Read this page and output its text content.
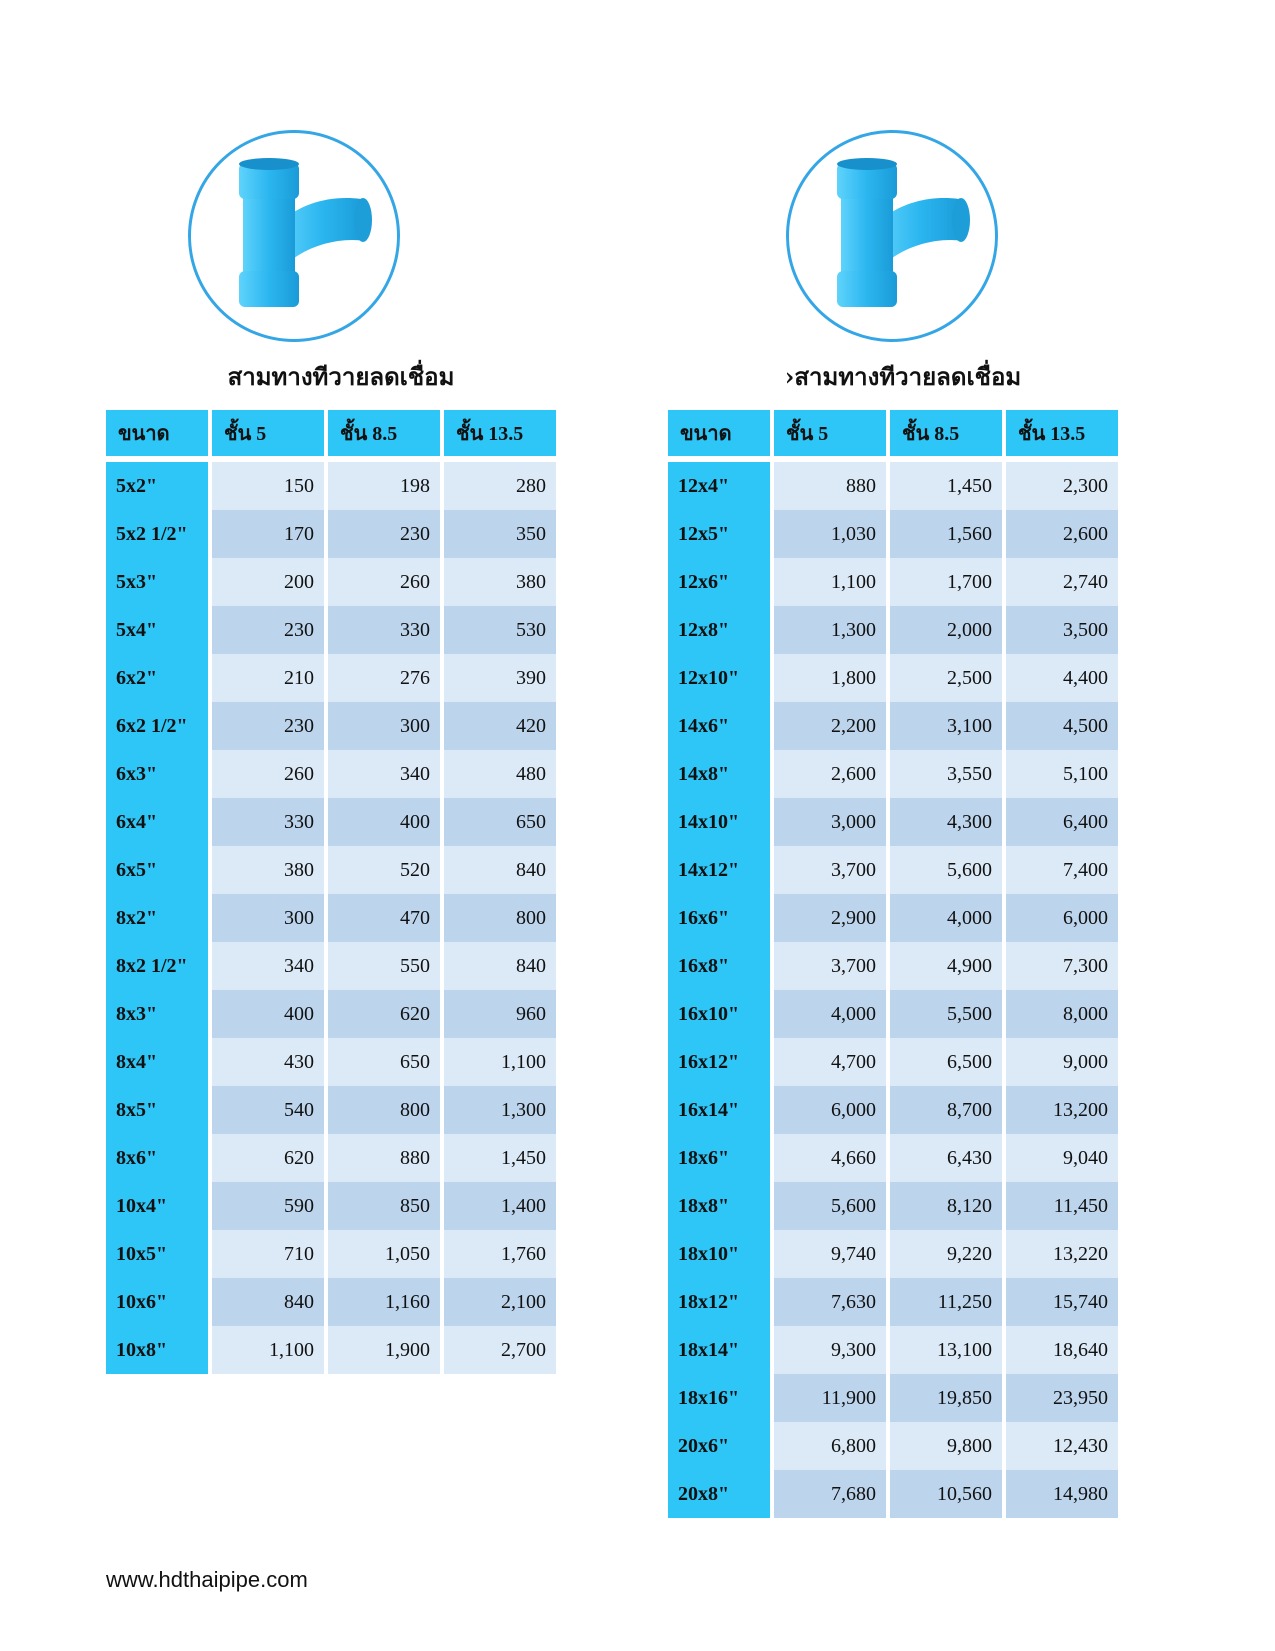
สามทางทีวายลดเชื่อม
ขนาด	ชั้น 5	ชั้น 8.5	ชั้น 13.5
5x2"	150	198	280
5x2 1/2"	170	230	350
5x3"	200	260	380
5x4"	230	330	530
6x2"	210	276	390
6x2 1/2"	230	300	420
6x3"	260	340	480
6x4"	330	400	650
6x5"	380	520	840
8x2"	300	470	800
8x2 1/2"	340	550	840
8x3"	400	620	960
8x4"	430	650	1,100
8x5"	540	800	1,300
8x6"	620	880	1,450
10x4"	590	850	1,400
10x5"	710	1,050	1,760
10x6"	840	1,160	2,100
10x8"	1,100	1,900	2,700
›สามทางทีวายลดเชื่อม
ขนาด	ชั้น 5	ชั้น 8.5	ชั้น 13.5
12x4"	880	1,450	2,300
12x5"	1,030	1,560	2,600
12x6"	1,100	1,700	2,740
12x8"	1,300	2,000	3,500
12x10"	1,800	2,500	4,400
14x6"	2,200	3,100	4,500
14x8"	2,600	3,550	5,100
14x10"	3,000	4,300	6,400
14x12"	3,700	5,600	7,400
16x6"	2,900	4,000	6,000
16x8"	3,700	4,900	7,300
16x10"	4,000	5,500	8,000
16x12"	4,700	6,500	9,000
16x14"	6,000	8,700	13,200
18x6"	4,660	6,430	9,040
18x8"	5,600	8,120	11,450
18x10"	9,740	9,220	13,220
18x12"	7,630	11,250	15,740
18x14"	9,300	13,100	18,640
18x16"	11,900	19,850	23,950
20x6"	6,800	9,800	12,430
20x8"	7,680	10,560	14,980
www.hdthaipipe.com
